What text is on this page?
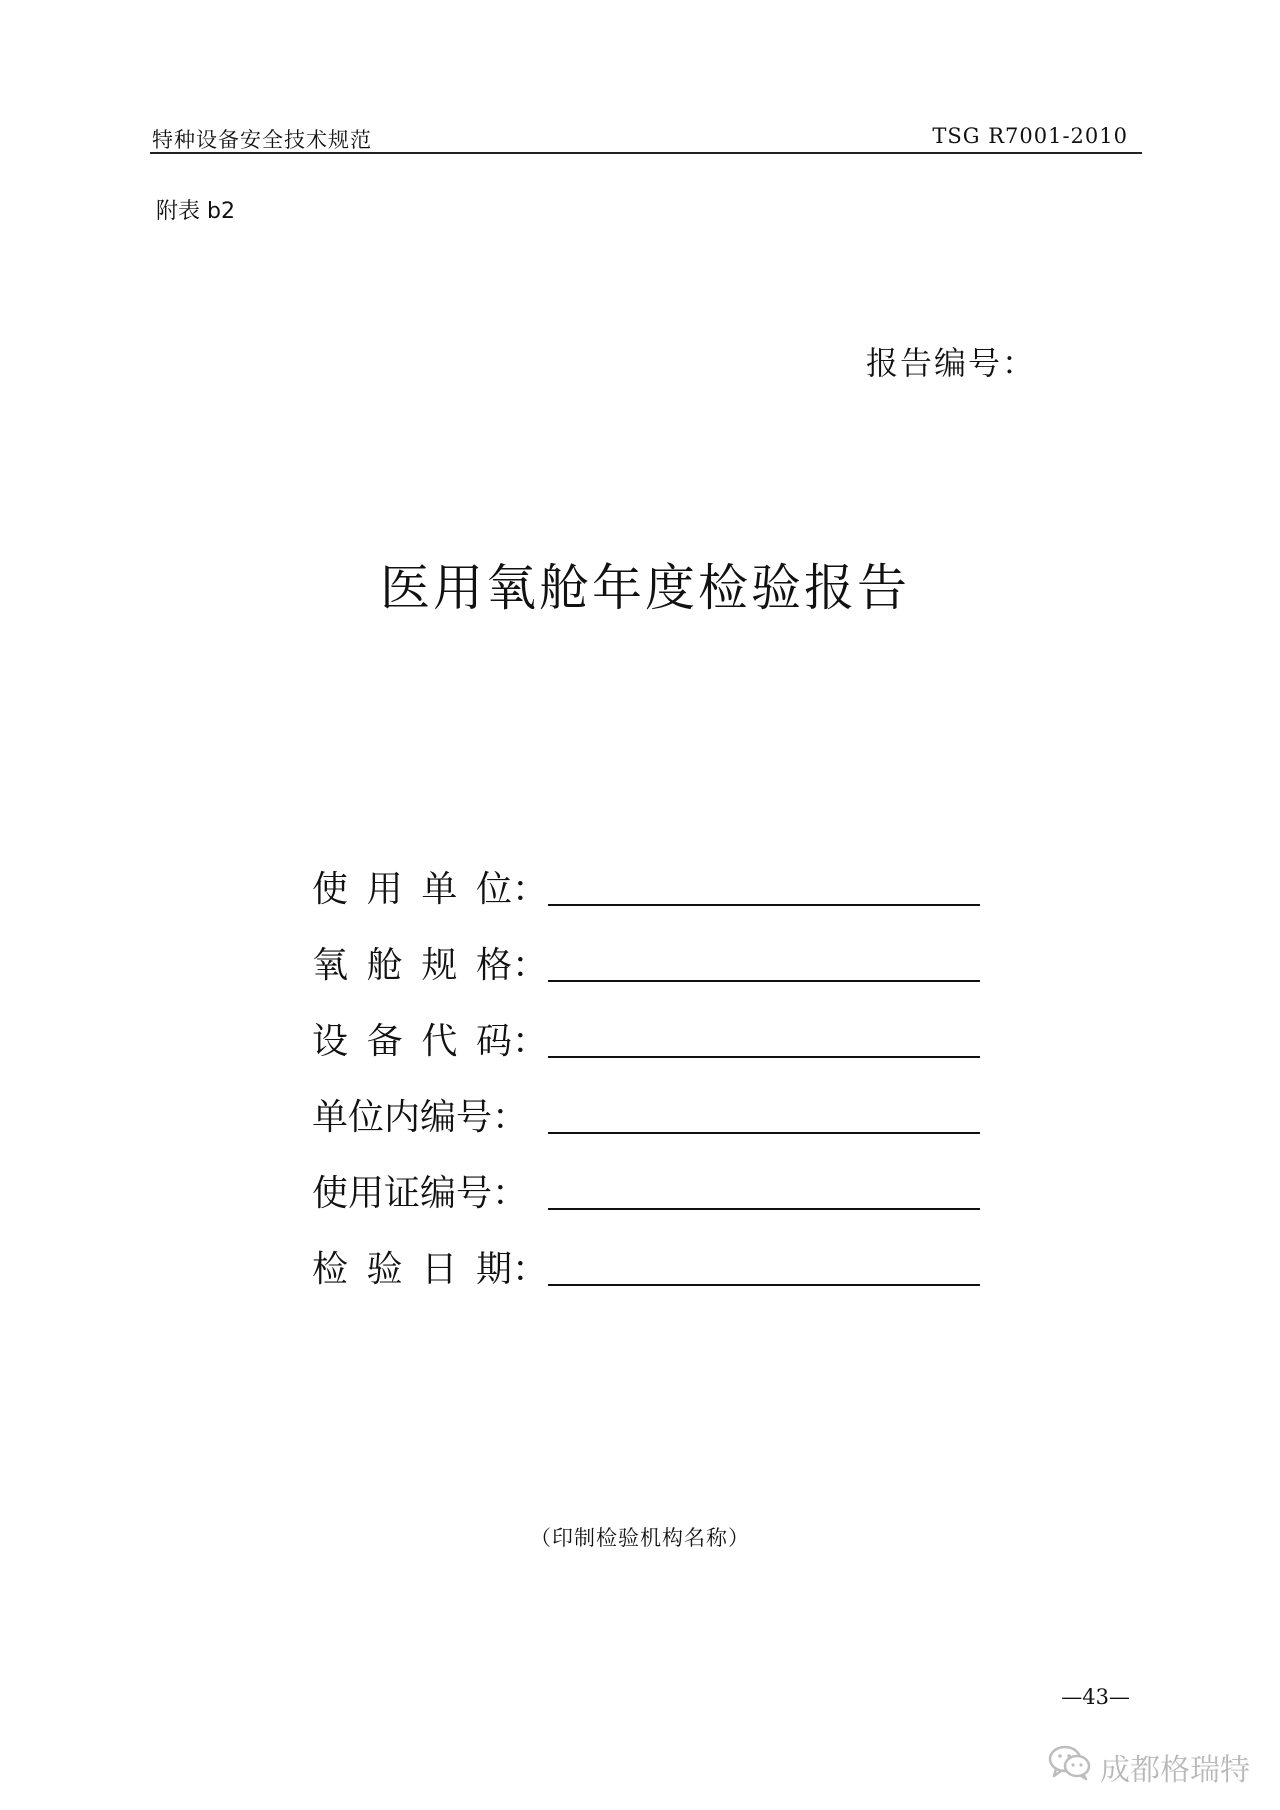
特种设备安全技术规范	TSG R7001-2010
附表 b2
报告编号：
医用氧舱年度检验报告
使 用 单 位：
氧 舱 规 格：
设 备 代 码：
单位内编号：
使用证编号：
检 验 日 期：
（印制检验机构名称）
—43—
成都格瑞特
